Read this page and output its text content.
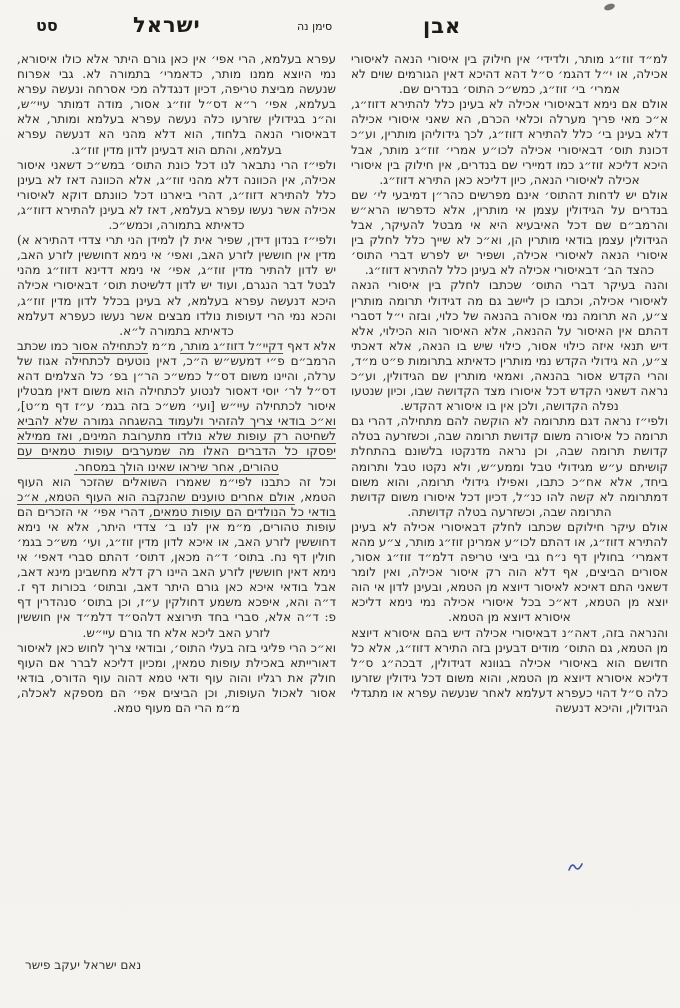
אבן
סימן נה
ישראל
סט

למ״ד זוז״ג מותר, ולדידי׳ אין חילוק בין איסורי הנאה לאיסורי אכילה, או י״ל דהגמ׳ ס״ל דהא דהיכא דאין הגורמים שוים לא אמרי׳ בי׳ זוז״ג, כמש״כ התוס׳ בנדרים שם.

אולם אם נימא דבאיסורי אכילה לא בעינן כלל להתירא דזוז״ג, א״כ מאי פריך מערלה וכלאי הכרם, הא שאני איסורי אכילה דלא בעינן בי׳ כלל להתירא דזוז״ג, לכך גידוליהן מותרין, וע״כ דכונת תוס׳ דבאיסורי אכילה לכו״ע אמרי׳ זוז״ג מותר, אבל היכא דליכא זוז״ג כמו דמיירי שם בנדרים, אין חילוק בין איסורי אכילה לאיסורי הנאה, כיון דליכא כאן התירא דזוז״ג.

אולם יש לדחות דהתוס׳ אינם מפרשים כהר״ן דמיבעי לי׳ שם בנדרים על הגידולין עצמן אי מותרין, אלא כדפרשו הרא״ש והרמב״ם שם דכל האיבעיא היא אי מבטל להעיקר, אבל הגידולין עצמן בודאי מותרין הן, וא״כ לא שייך כלל לחלק בין איסורי הנאה לאיסורי אכילה, ושפיר יש לפרש דברי התוס׳ כהצד הב׳ דבאיסורי אכילה לא בעינן כלל להתירא דזוז״ג.

והנה בעיקר דברי התוס׳ שכתבו לחלק בין איסורי הנאה לאיסורי אכילה, וכתבו כן ליישב גם מה דגידולי תרומה מותרין צ״ע, הא תרומה נמי אסורה בהנאה של כלוי, ובזה י״ל דסברי דהתם אין האיסור על ההנאה, אלא האיסור הוא הכילוי, אלא דיש תנאי איזה כילוי אסור, כילוי שיש בו הנאה, אלא דאכתי צ״ע, הא גידולי הקדש נמי מותרין כדאיתא בתרומות פ״ט מ״ד, והרי הקדש אסור בהנאה, ואמאי מותרין שם הגידולין, וע״כ נראה דשאני הקדש דכל איסורו מצד הקדושה שבו, וכיון שנטעו נפלה הקדושה, ולכן אין בו איסורא דהקדש.

ולפי״ז נראה דגם מתרומה לא הוקשה להם מתחילה, דהרי גם תרומה כל איסורה משום קדושת תרומה שבה, וכשזרעה בטלה קדושת תרומה שבה, וכן נראה מדנקטו בלשונם בהתחלת קושיתם ע״ש מגידולי טבל וממע״ש, ולא נקטו טבל ותרומה ביחד, אלא אח״כ כתבו, ואפילו גידולי תרומה, והוא משום דמתרומה לא קשה להו כנ״ל, דכיון דכל איסורו משום קדושת התרומה שבה, וכשזרעה בטלה קדושתה.

אולם עיקר חילוקם שכתבו לחלק דבאיסורי אכילה לא בעינן להתירא דזוז״ג, או דהתם לכו״ע אמרינן זוז״ג מותר, צ״ע מהא דאמרי׳ בחולין דף נ״ח גבי ביצי טריפה דלמ״ד זוז״ג אסור, אסורים הביצים, אף דלא הוה רק איסור אכילה, ואין לומר דשאני התם דאיכא לאיסור דיוצא מן הטמא, ובעינן לדון אי הוה יוצא מן הטמא, דא״כ בכל איסורי אכילה נמי נימא דליכא איסורא דיוצא מן הטמא.

והנראה בזה, דאה״נ דבאיסורי אכילה דיש בהם איסורא דיוצא מן הטמא, גם התוס׳ מודים דבעינן בזה התירא דזוז״ג, אלא כל חדושם הוא באיסורי אכילה בגוונא דגידולין, דבכה״ג ס״ל דליכא איסורא דיוצא מן הטמא, והוא משום דכל גידולין שזרעו כלה ס״ל דהוי כעפרא דעלמא לאחר שנעשה עפרא או מתגדלי הגידולין, והיכא דנעשה

עפרא בעלמא, הרי אפי׳ אין כאן גורם היתר אלא כולו איסורא, נמי היוצא ממנו מותר, כדאמרי׳ בתמורה לא. גבי אפרוח שנעשה מביצת טריפה, דכיון דנגדלה מכי אסרחה ונעשה עפרא בעלמא, אפי׳ ר״א דס״ל זוז״ג אסור, מודה דמותר עיי״ש, וה״נ בגידולין שזרעו כלה נעשה עפרא בעלמא ומותר, אלא דבאיסורי הנאה בלחוד, הוא דלא מהני הא דנעשה עפרא בעלמא, והתם הוא דבעינן לדון מדין זוז״ג.

ולפי״ז הרי נתבאר לנו דכל כונת התוס׳ במש״כ דשאני איסור אכילה, אין הכוונה דלא מהני זוז״ג, אלא הכוונה דאז לא בעינן כלל להתירא דזוז״ג, דהרי ביארנו דכל כוונתם דוקא לאיסורי אכילה אשר נעשו עפרא בעלמא, דאז לא בעינן להתירא דזוז״ג, כדאיתא בתמורה, וכמש״כ.

ולפי״ז בנדון דידן, שפיר אית לן למידן הני תרי צדדי דהתירא א) מדין אין חוששין לזרע האב, ואפי׳ אי נימא דחוששין לזרע האב, יש לדון להתיר מדין זוז״ג, אפי׳ אי נימא דדינא דזוז״ג מהני לבטל דבר הנגרם, ועוד יש לדון דלשיטת תוס׳ דבאיסורי אכילה היכא דנעשה עפרא בעלמא, לא בעינן בכלל לדון מדין זוז״ג, והכא נמי הרי דעופות נולדו מבצים אשר נעשו כעפרא דעלמא כדאיתא בתמורה ל״א.

אלא דאף דקיי״ל דזוז״ג מותר, מ״מ לכתחילה אסור כמו שכתב הרמב״ם פ״י דמעש״ש ה״כ, דאין נוטעים לכתחילה אגוז של ערלה, והיינו משום דס״ל כמש״כ הר״ן בפ׳ כל הצלמים דהא דס״ל לר׳ יוסי דאסור לנטוע לכתחילה הוא משום דאין מבטלין איסור לכתחילה עיי״ש [ועי׳ מש״כ בזה בגמ׳ ע״ז דף מ״ט], וא״כ בודאי צריך להזהיר ולעמוד בהשגחה גמורה שלא להביא לשחיטה רק עופות שלא נולדו מתערובת המינים, ואז ממילא יפסקו כל הדברים האלו מה שמערבים עופות טמאים עם טהורים, אחר שיראו שאינו הולך במסחר.

וכל זה כתבנו לפי״מ שאמרו השואלים שהזכר הוא העוף הטמא, אולם אחרים טוענים שהנקבה הוא העוף הטמא, א״כ בודאי כל הנולדים הם עופות טמאים, דהרי אפי׳ אי הזכרים הם עופות טהורים, מ״מ אין לנו ב׳ צדדי היתר, אלא אי נימא דחוששין לזרע האב, או איכא לדון מדין זוז״ג, ועי׳ מש״כ בגמ׳ חולין דף נח. בתוס׳ ד״ה מכאן, דתוס׳ דהתם סברי דאפי׳ אי נימא דאין חוששין לזרע האב היינו רק דלא מחשבינן מינא דאב, אבל בודאי איכא כאן גורם היתר דאב, ובתוס׳ בכורות דף ז. ד״ה והא, איפכא משמע דחולקין ע״ז, וכן בתוס׳ סנהדרין דף פ: ד״ה אלא, סברי בחד תירוצא דלהס״ד דלמ״ד אין חוששין לזרע האב ליכא אלא חד גורם עיי״ש.

וא״כ הרי פליגי בזה בעלי התוס׳, ובודאי צריך לחוש כאן לאיסור דאורייתא באכילת עופות טמאין, ומכיון דליכא לברר אם העוף חולק את רגליו והוה עוף ודאי טמא דהוה עוף הדורס, בודאי אסור לאכול העופות, וכן הביצים אפי׳ הם מספקא לאכלה, מ״מ הרי הם מעוף טמא.

נאם ישראל יעקב פישר
